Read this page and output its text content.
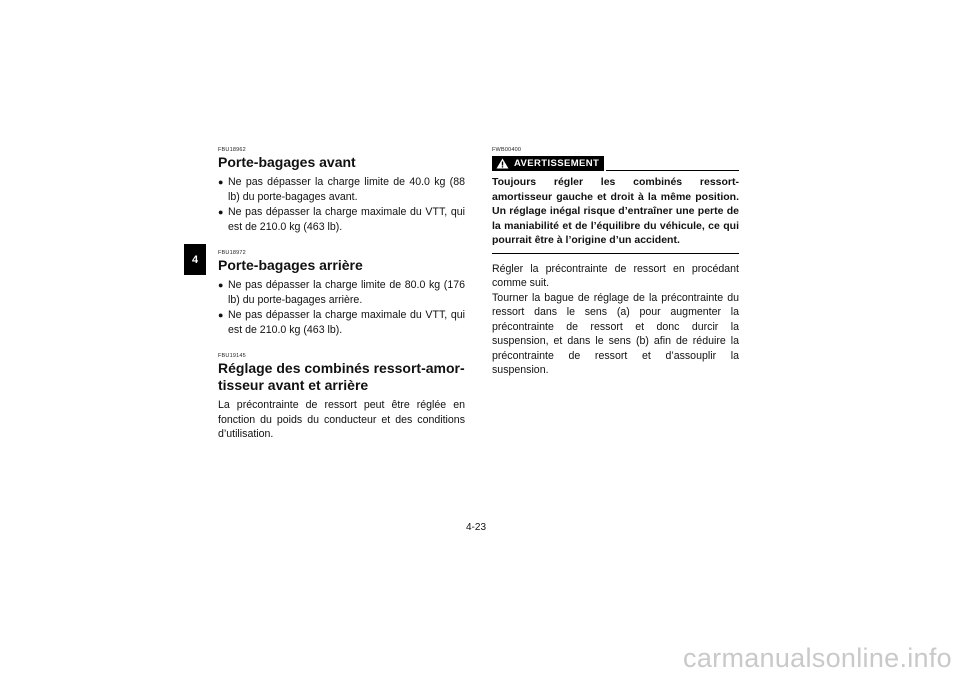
4
FBU18962
Porte-bagages avant
● Ne pas dépasser la charge limite de 40.0 kg (88 lb) du porte-bagages avant.
● Ne pas dépasser la charge maximale du VTT, qui est de 210.0 kg (463 lb).
FBU18972
Porte-bagages arrière
● Ne pas dépasser la charge limite de 80.0 kg (176 lb) du porte-bagages arrière.
● Ne pas dépasser la charge maximale du VTT, qui est de 210.0 kg (463 lb).
FBU19145
Réglage des combinés ressort-amor-
tisseur avant et arrière

La précontrainte de ressort peut être réglée en fonction du poids du conducteur et des conditions d’utilisation.

FWB00400
AVERTISSEMENT
Toujours régler les combinés ressort-amortisseur gauche et droit à la même position. Un réglage inégal risque d’entraîner une perte de la maniabilité et de l’équilibre du véhicule, ce qui pourrait être à l’origine d’un accident.

Régler la précontrainte de ressort en procédant comme suit.

Tourner la bague de réglage de la précontrainte du ressort dans le sens (a) pour augmenter la précontrainte de ressort et donc durcir la suspension, et dans le sens (b) afin de réduire la précontrainte de ressort et d’assouplir la suspension.

4-23
carmanualsonline.info
